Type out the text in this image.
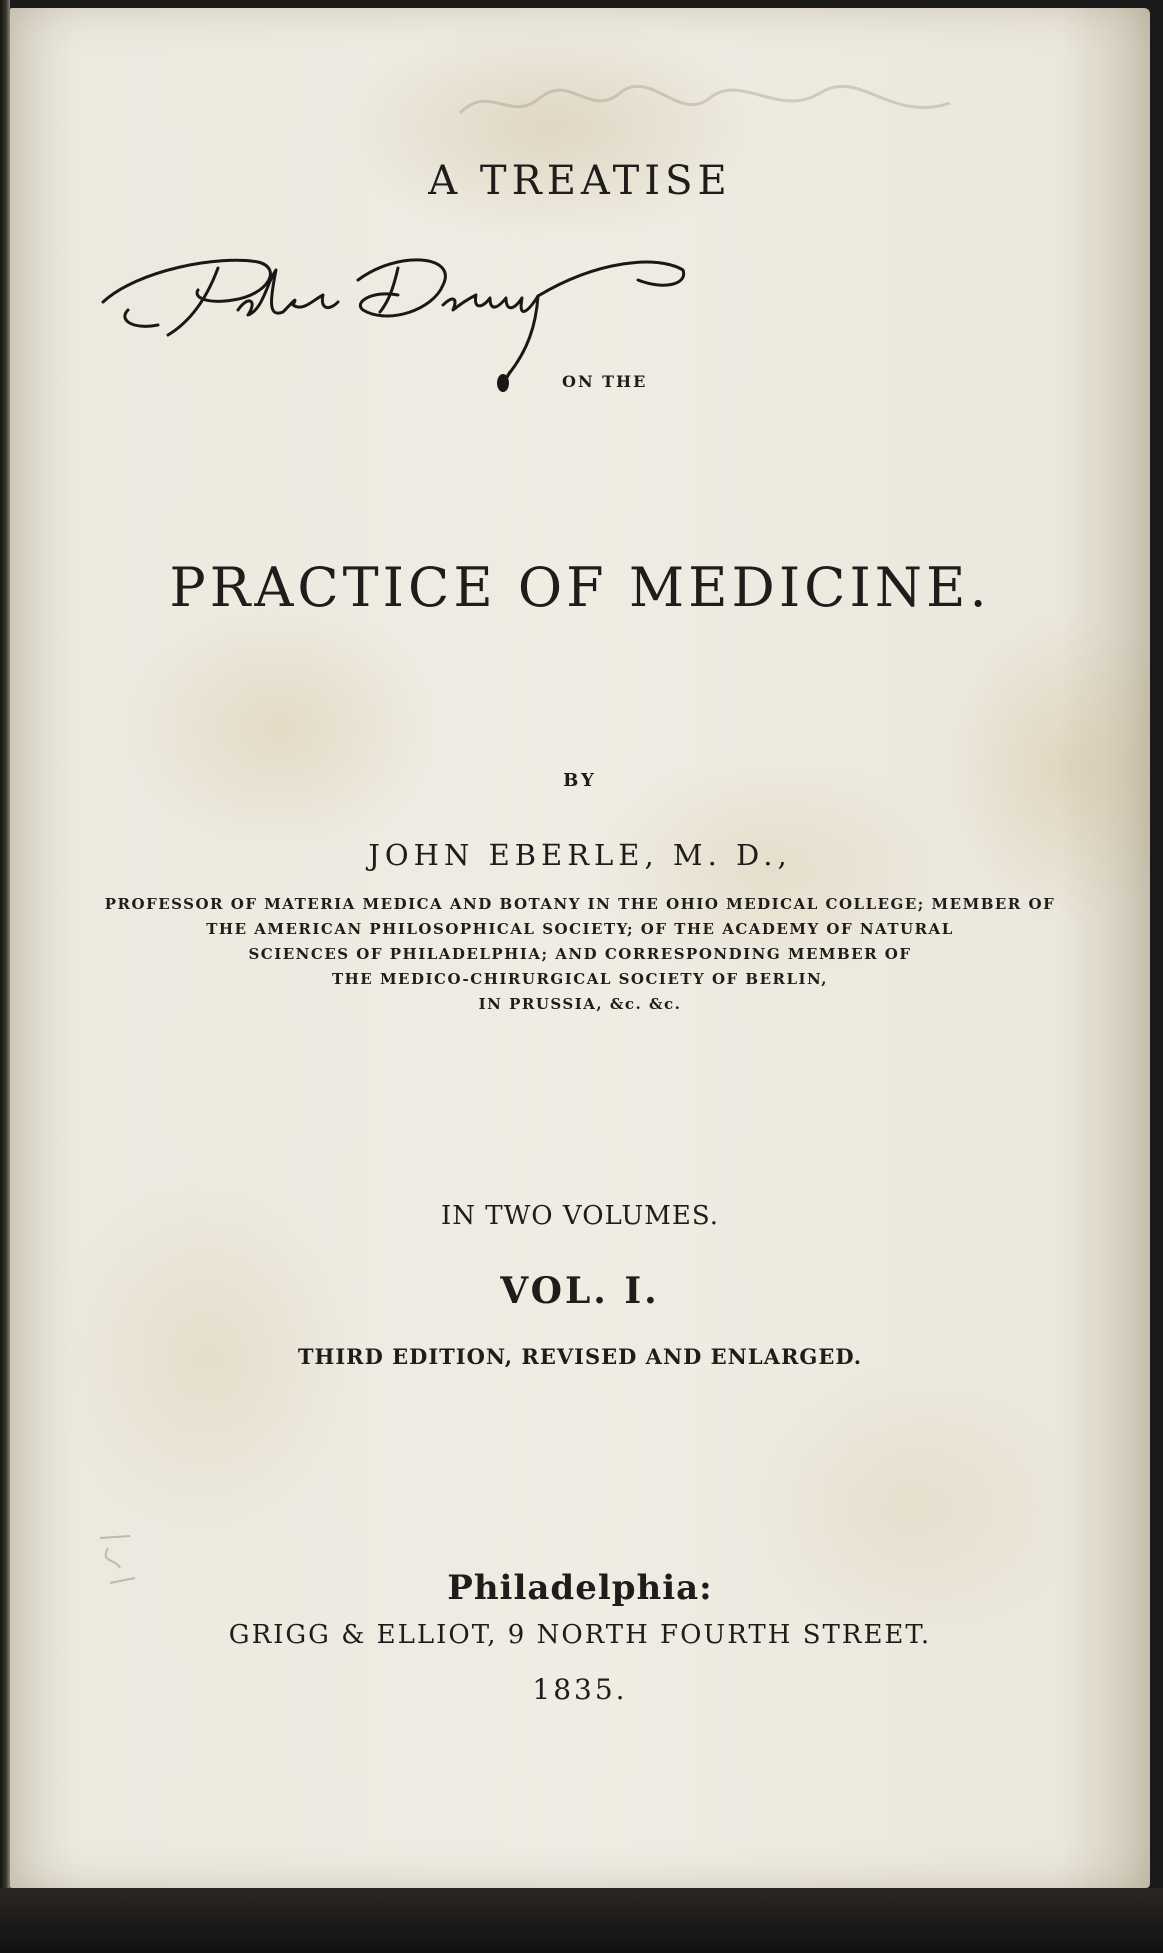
A TREATISE
ON THE
PRACTICE OF MEDICINE.
BY
JOHN EBERLE, M. D.,
PROFESSOR OF MATERIA MEDICA AND BOTANY IN THE OHIO MEDICAL COLLEGE; MEMBER OF
THE AMERICAN PHILOSOPHICAL SOCIETY; OF THE ACADEMY OF NATURAL
SCIENCES OF PHILADELPHIA; AND CORRESPONDING MEMBER OF
THE MEDICO-CHIRURGICAL SOCIETY OF BERLIN,
IN PRUSSIA, &c. &c.
IN TWO VOLUMES.
VOL. I.
THIRD EDITION, REVISED AND ENLARGED.
Philadelphia:
GRIGG & ELLIOT, 9 NORTH FOURTH STREET.
1835.
